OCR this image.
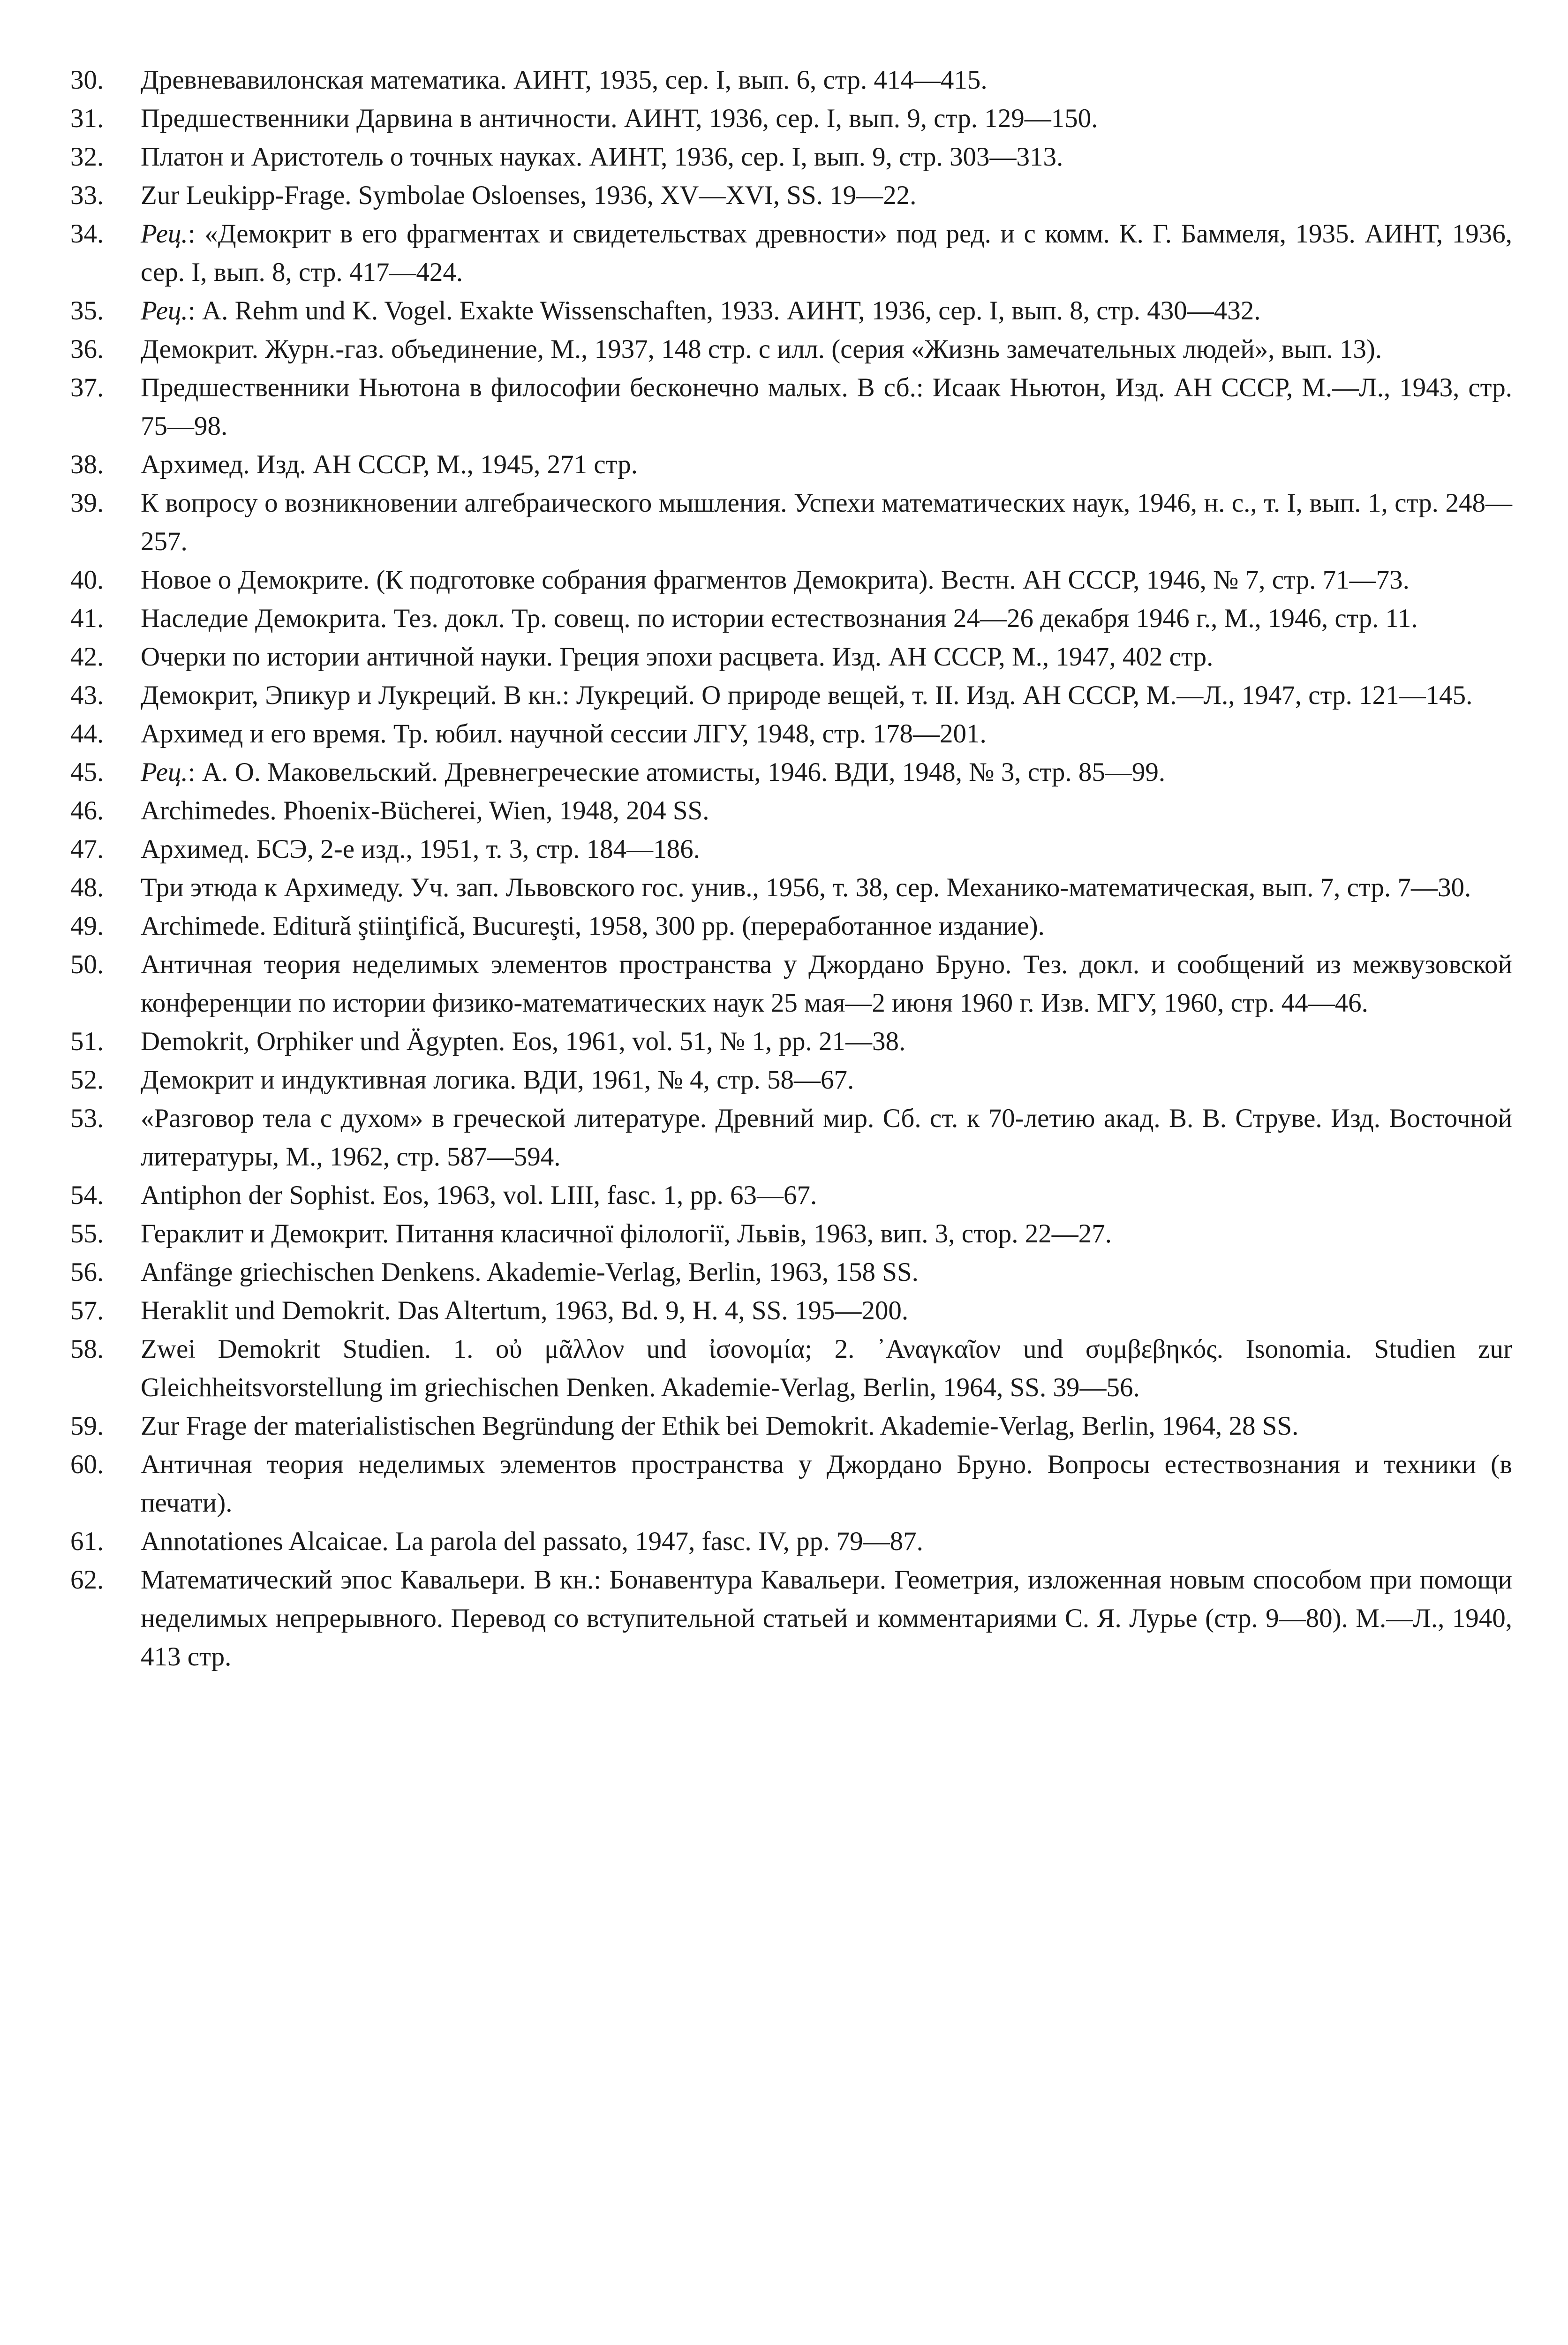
30.	Древневавилонская математика. АИНТ, 1935, сер. I, вып. 6, стр. 414—415.

31.	Предшественники Дарвина в античности. АИНТ, 1936, сер. I, вып. 9, стр. 129—150.

32.	Платон и Аристотель о точных науках. АИНТ, 1936, сер. I, вып. 9, стр. 303—313.

33.	Zur Leukipp-Frage. Symbolae Osloenses, 1936, XV—XVI, SS. 19—22.

34.	Рец.: «Демокрит в его фрагментах и свидетельствах древности» под ред. и с комм. К. Г. Баммеля, 1935. АИНТ, 1936, сер. I, вып. 8, стр. 417—424.

35.	Рец.: A. Rehm und K. Vogel. Exakte Wissenschaften, 1933. АИНТ, 1936, сер. I, вып. 8, стр. 430—432.

36.	Демокрит. Журн.-газ. объединение, М., 1937, 148 стр. с илл. (серия «Жизнь замечательных людей», вып. 13).

37.	Предшественники Ньютона в философии бесконечно малых. В сб.: Исаак Ньютон, Изд. АН СССР, М.—Л., 1943, стр. 75—98.

38.	Архимед. Изд. АН СССР, М., 1945, 271 стр.

39.	К вопросу о возникновении алгебраического мышления. Успехи математических наук, 1946, н. с., т. I, вып. 1, стр. 248—257.

40.	Новое о Демокрите. (К подготовке собрания фрагментов Демокрита). Вестн. АН СССР, 1946, № 7, стр. 71—73.

41.	Наследие Демокрита. Тез. докл. Тр. совещ. по истории естествознания 24—26 декабря 1946 г., М., 1946, стр. 11.

42.	Очерки по истории античной науки. Греция эпохи расцвета. Изд. АН СССР, М., 1947, 402 стр.

43.	Демокрит, Эпикур и Лукреций. В кн.: Лукреций. О природе вещей, т. II. Изд. АН СССР, М.—Л., 1947, стр. 121—145.

44.	Архимед и его время. Тр. юбил. научной сессии ЛГУ, 1948, стр. 178—201.

45.	Рец.: А. О. Маковельский. Древнегреческие атомисты, 1946. ВДИ, 1948, № 3, стр. 85—99.

46.	Archimedes. Phoenix-Bücherei, Wien, 1948, 204 SS.

47.	Архимед. БСЭ, 2-е изд., 1951, т. 3, стр. 184—186.

48.	Три этюда к Архимеду. Уч. зап. Львовского гос. унив., 1956, т. 38, сер. Механико-математическая, вып. 7, стр. 7—30.

49.	Archimede. Editurǎ ştiinţificǎ, Bucureşti, 1958, 300 pp. (переработанное издание).

50.	Античная теория неделимых элементов пространства у Джордано Бруно. Тез. докл. и сообщений из межвузовской конференции по истории физико-математических наук 25 мая—2 июня 1960 г. Изв. МГУ, 1960, стр. 44—46.

51.	Demokrit, Orphiker und Ägypten. Eos, 1961, vol. 51, № 1, pp. 21—38.

52.	Демокрит и индуктивная логика. ВДИ, 1961, № 4, стр. 58—67.

53.	«Разговор тела с духом» в греческой литературе. Древний мир. Сб. ст. к 70-летию акад. В. В. Струве. Изд. Восточной литературы, М., 1962, стр. 587—594.

54.	Antiphon der Sophist. Eos, 1963, vol. LIII, fasc. 1, pp. 63—67.

55.	Гераклит и Демокрит. Питання класичної філології, Львів, 1963, вип. 3, стор. 22—27.

56.	Anfänge griechischen Denkens. Akademie-Verlag, Berlin, 1963, 158 SS.

57.	Heraklit und Demokrit. Das Altertum, 1963, Bd. 9, H. 4, SS. 195—200.

58.	Zwei Demokrit Studien. 1. οὐ μᾶλλον und ἰσονομία; 2. ᾿Αναγκαῖον und συμβεβηκός. Isonomia. Studien zur Gleichheitsvorstellung im griechischen Denken. Akademie-Verlag, Berlin, 1964, SS. 39—56.

59.	Zur Frage der materialistischen Begründung der Ethik bei Demokrit. Akademie-Verlag, Berlin, 1964, 28 SS.

60.	Античная теория неделимых элементов пространства у Джордано Бруно. Вопросы естествознания и техники (в печати).

61.	Annotationes Alcaicae. La parola del passato, 1947, fasc. IV, pp. 79—87.

62.	Математический эпос Кавальери. В кн.: Бонавентура Кавальери. Геометрия, изложенная новым способом при помощи неделимых непрерывного. Перевод со вступительной статьей и комментариями С. Я. Лурье (стр. 9—80). М.—Л., 1940, 413 стр.
